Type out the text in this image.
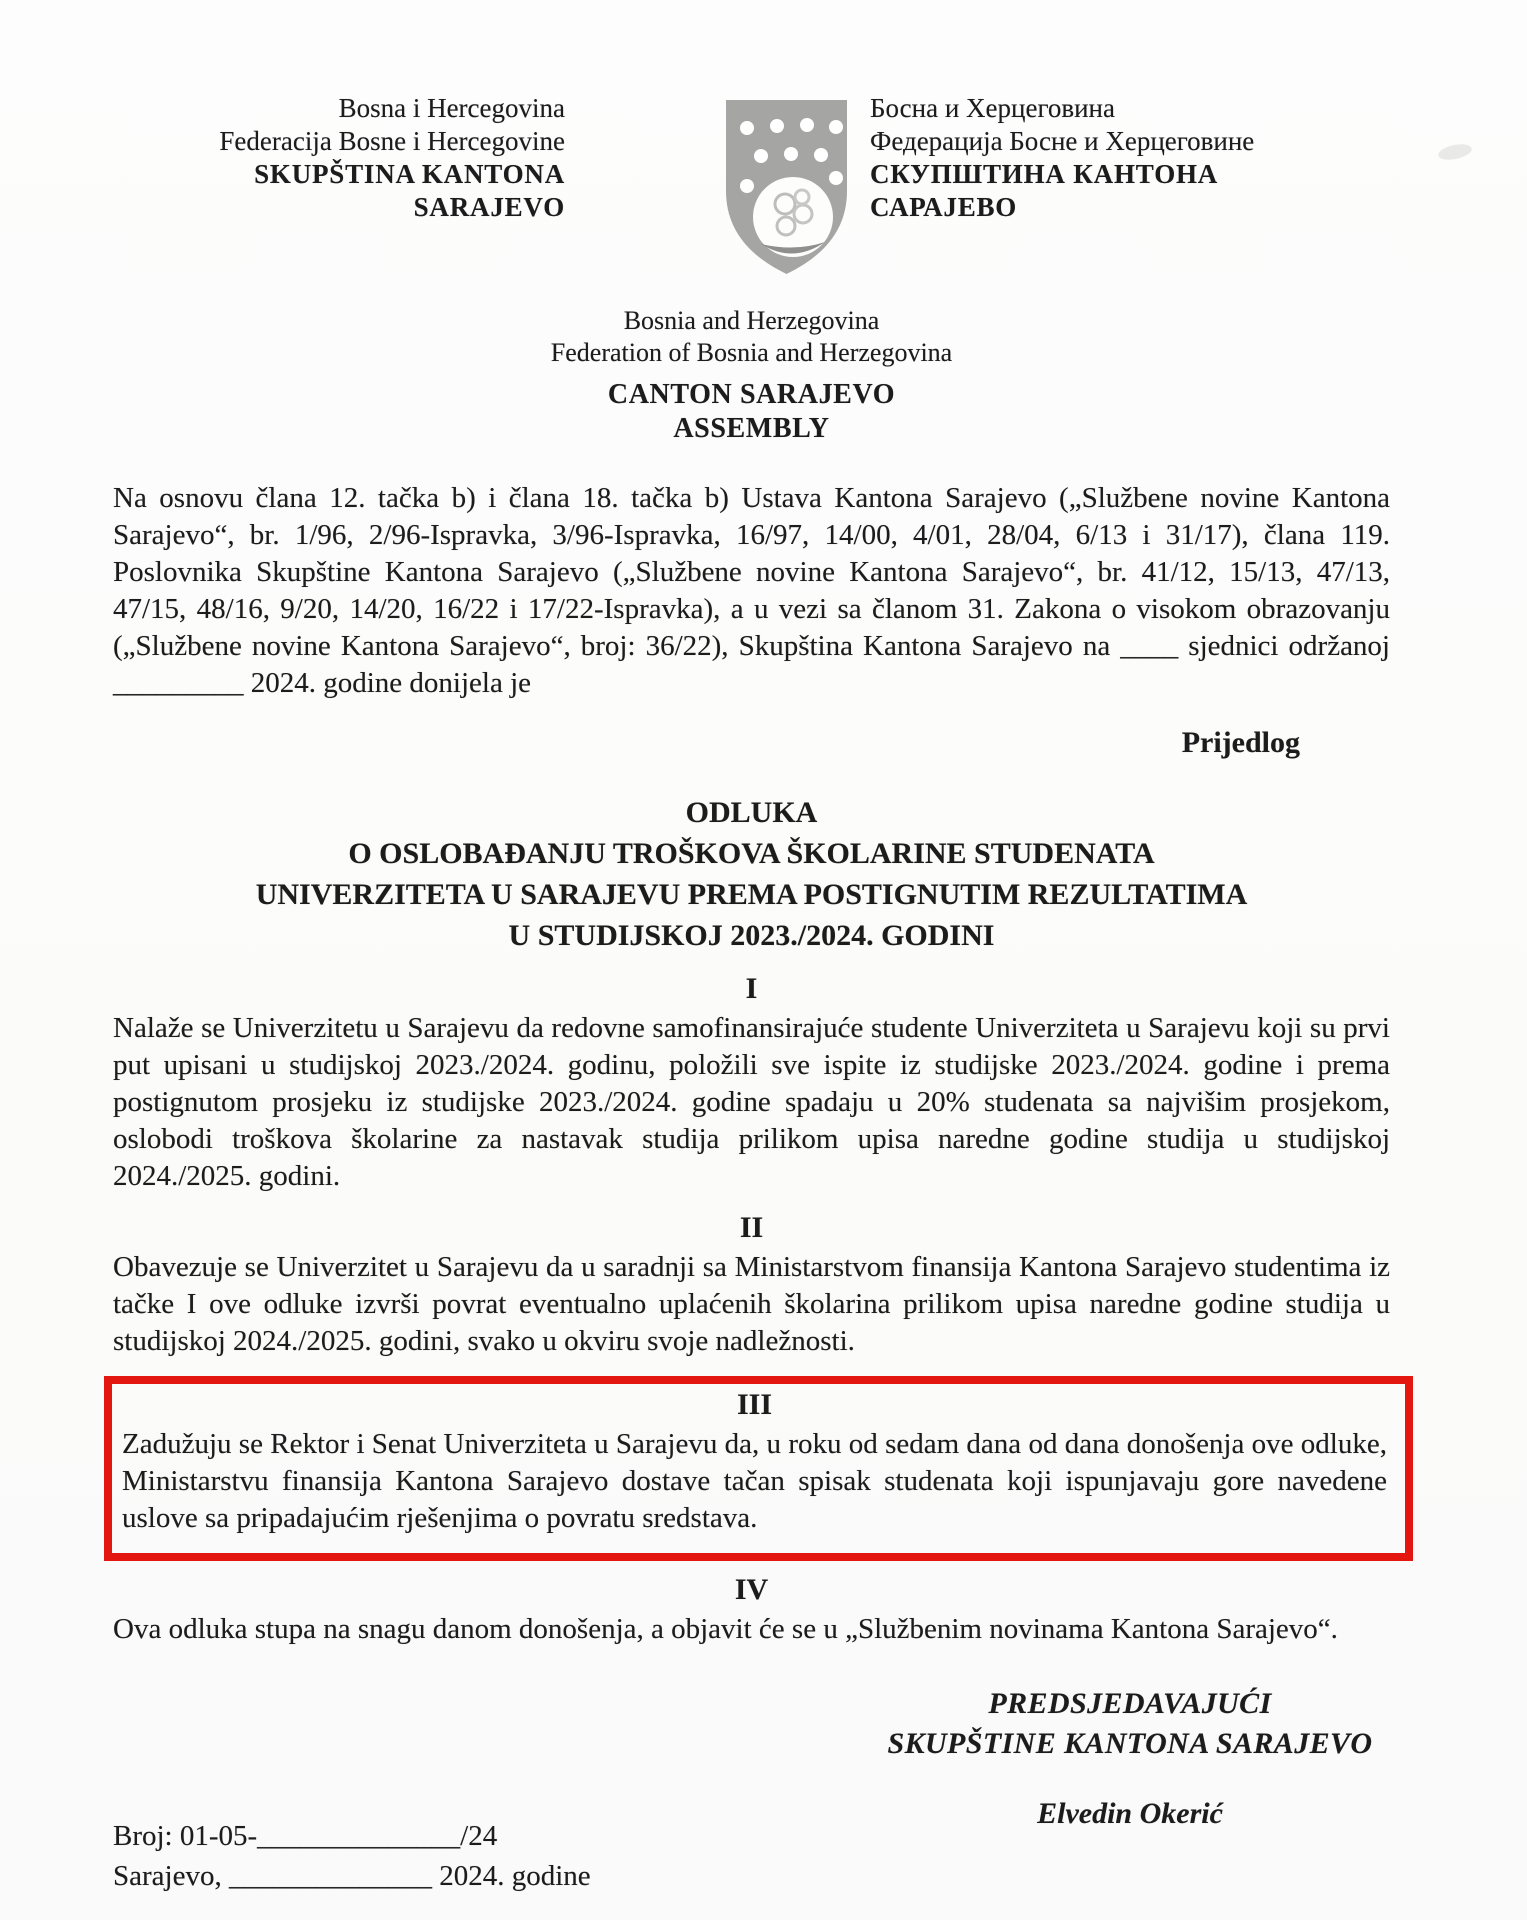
Bosna i Hercegovina
Federacija Bosne i Hercegovine
SKUPŠTINA KANTONA
SARAJEVO
Босна и Херцеговина
Федерација Босне и Херцеговине
СКУПШТИНА КАНТОНА
САРАЈЕВО
Bosnia and Herzegovina
Federation of Bosnia and Herzegovina
CANTON SARAJEVO
ASSEMBLY

Na osnovu člana 12. tačka b) i člana 18. tačka b) Ustava Kantona Sarajevo („Službene novine Kantona Sarajevo“, br. 1/96, 2/96-Ispravka, 3/96-Ispravka, 16/97, 14/00, 4/01, 28/04, 6/13 i 31/17), člana 119. Poslovnika Skupštine Kantona Sarajevo („Službene novine Kantona Sarajevo“, br. 41/12, 15/13, 47/13, 47/15, 48/16, 9/20, 14/20, 16/22 i 17/22-Ispravka), a u vezi sa članom 31. Zakona o visokom obrazovanju („Službene novine Kantona Sarajevo“, broj: 36/22), Skupština Kantona Sarajevo na ____ sjednici održanoj _________ 2024. godine donijela je

Prijedlog
ODLUKA
O OSLOBAĐANJU TROŠKOVA ŠKOLARINE STUDENATA
UNIVERZITETA U SARAJEVU PREMA POSTIGNUTIM REZULTATIMA
U STUDIJSKOJ 2023./2024. GODINI
I

Nalaže se Univerzitetu u Sarajevu da redovne samofinansirajuće studente Univerziteta u Sarajevu koji su prvi put upisani u studijskoj 2023./2024. godinu, položili sve ispite iz studijske 2023./2024. godine i prema postignutom prosjeku iz studijske 2023./2024. godine spadaju u 20% studenata sa najvišim prosjekom, oslobodi troškova školarine za nastavak studija prilikom upisa naredne godine studija u studijskoj 2024./2025. godini.

II

Obavezuje se Univerzitet u Sarajevu da u saradnji sa Ministarstvom finansija Kantona Sarajevo studentima iz tačke I ove odluke izvrši povrat eventualno uplaćenih školarina prilikom upisa naredne godine studija u studijskoj 2024./2025. godini, svako u okviru svoje nadležnosti.

III

Zadužuju se Rektor i Senat Univerziteta u Sarajevu da, u roku od sedam dana od dana donošenja ove odluke, Ministarstvu finansija Kantona Sarajevo dostave tačan spisak studenata koji ispunjavaju gore navedene uslove sa pripadajućim rješenjima o povratu sredstava.

IV

Ova odluka stupa na snagu danom donošenja, a objavit će se u „Službenim novinama Kantona Sarajevo“.

PREDSJEDAVAJUĆI
SKUPŠTINE KANTONA SARAJEVO
Elvedin Okerić
Broj: 01-05-______________/24
Sarajevo, ______________ 2024. godine
